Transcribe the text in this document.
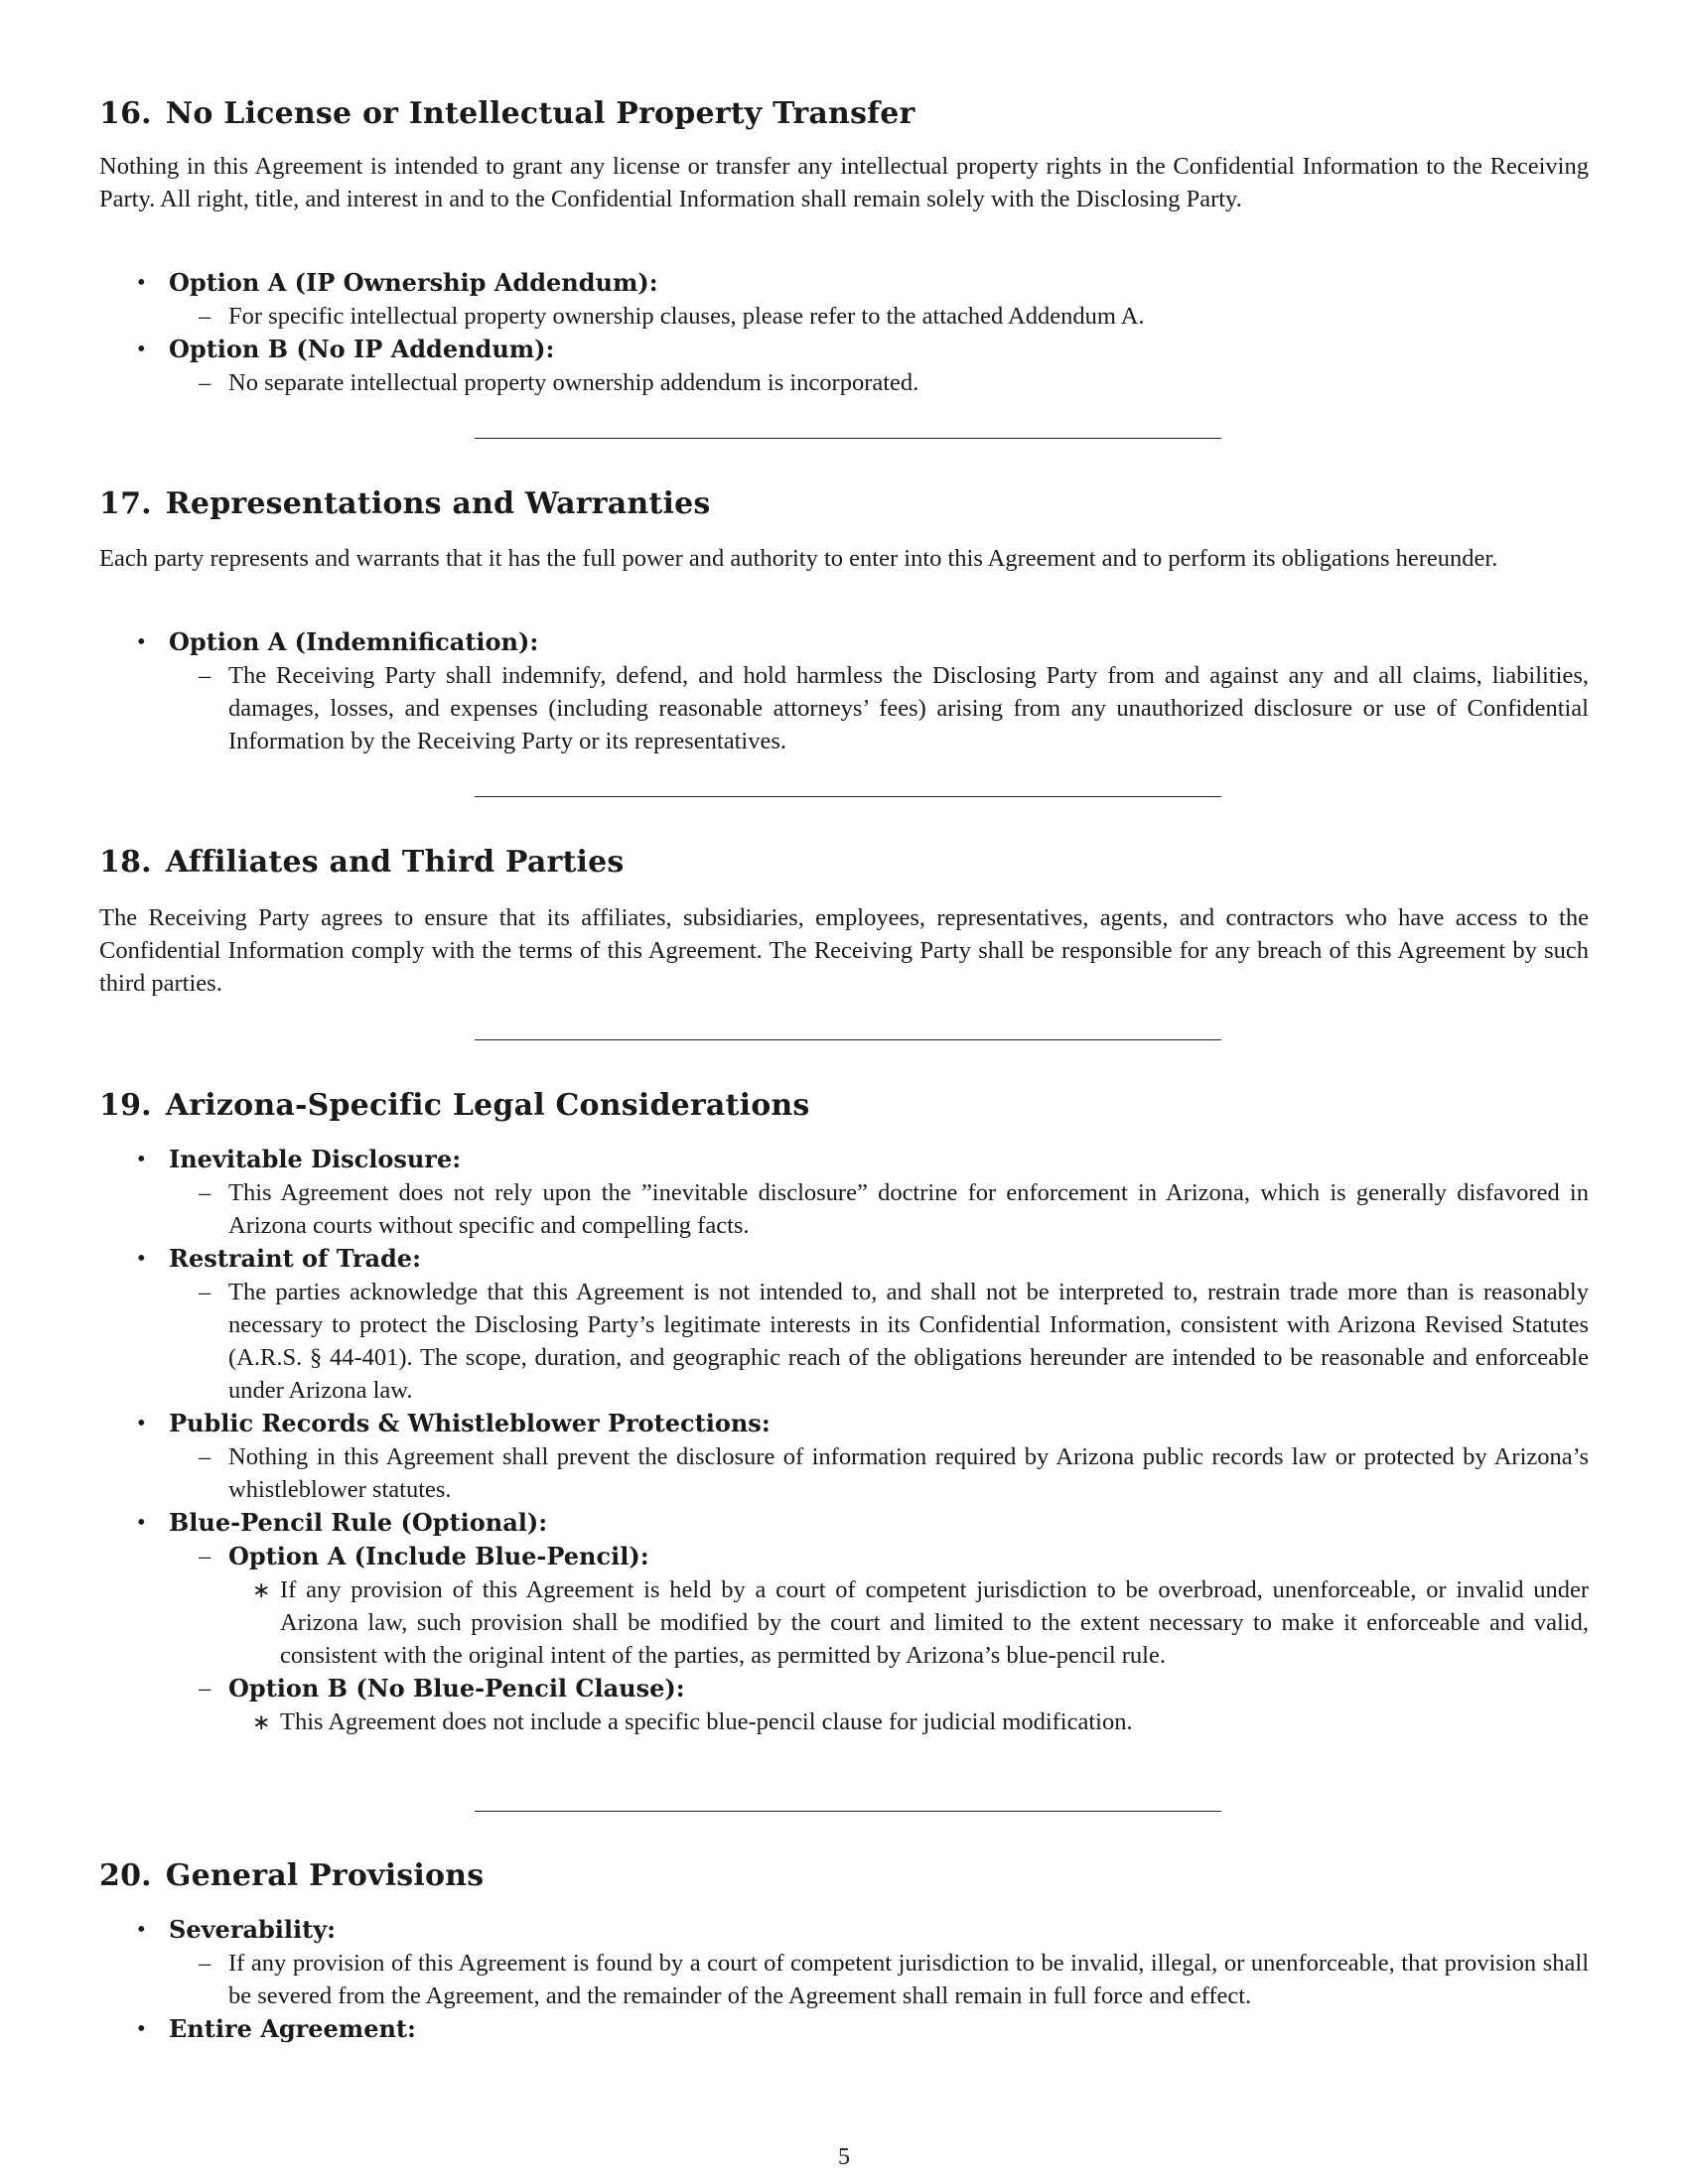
16. No License or Intellectual Property Transfer
Nothing in this Agreement is intended to grant any license or transfer any intellectual property rights in the Confidential Information to the Receiving Party. All right, title, and interest in and to the Confidential Information shall remain solely with the Disclosing Party.
• Option A (IP Ownership Addendum):
– For specific intellectual property ownership clauses, please refer to the attached Addendum A.
• Option B (No IP Addendum):
– No separate intellectual property ownership addendum is incorporated.
17. Representations and Warranties
Each party represents and warrants that it has the full power and authority to enter into this Agreement and to perform its obligations hereunder.
• Option A (Indemnification):
– The Receiving Party shall indemnify, defend, and hold harmless the Disclosing Party from and against any and all claims, liabilities, damages, losses, and expenses (including reasonable attorneys’ fees) arising from any unauthorized disclosure or use of Confidential Information by the Receiving Party or its representatives.
18. Affiliates and Third Parties
The Receiving Party agrees to ensure that its affiliates, subsidiaries, employees, representatives, agents, and contractors who have access to the Confidential Information comply with the terms of this Agreement. The Receiving Party shall be responsible for any breach of this Agreement by such third parties.
19. Arizona-Specific Legal Considerations
• Inevitable Disclosure:
– This Agreement does not rely upon the ”inevitable disclosure” doctrine for enforcement in Arizona, which is generally disfavored in Arizona courts without specific and compelling facts.
• Restraint of Trade:
– The parties acknowledge that this Agreement is not intended to, and shall not be interpreted to, restrain trade more than is reasonably necessary to protect the Disclosing Party’s legitimate interests in its Confidential Information, consistent with Arizona Revised Statutes (A.R.S. § 44-401). The scope, duration, and geographic reach of the obligations hereunder are intended to be reasonable and enforceable under Arizona law.
• Public Records & Whistleblower Protections:
– Nothing in this Agreement shall prevent the disclosure of information required by Arizona public records law or protected by Arizona’s whistleblower statutes.
• Blue-Pencil Rule (Optional):
– Option A (Include Blue-Pencil):
∗ If any provision of this Agreement is held by a court of competent jurisdiction to be overbroad, unenforceable, or invalid under Arizona law, such provision shall be modified by the court and limited to the extent necessary to make it enforceable and valid, consistent with the original intent of the parties, as permitted by Arizona’s blue-pencil rule.
– Option B (No Blue-Pencil Clause):
∗ This Agreement does not include a specific blue-pencil clause for judicial modification.
20. General Provisions
• Severability:
– If any provision of this Agreement is found by a court of competent jurisdiction to be invalid, illegal, or unenforceable, that provision shall be severed from the Agreement, and the remainder of the Agreement shall remain in full force and effect.
• Entire Agreement:
5
